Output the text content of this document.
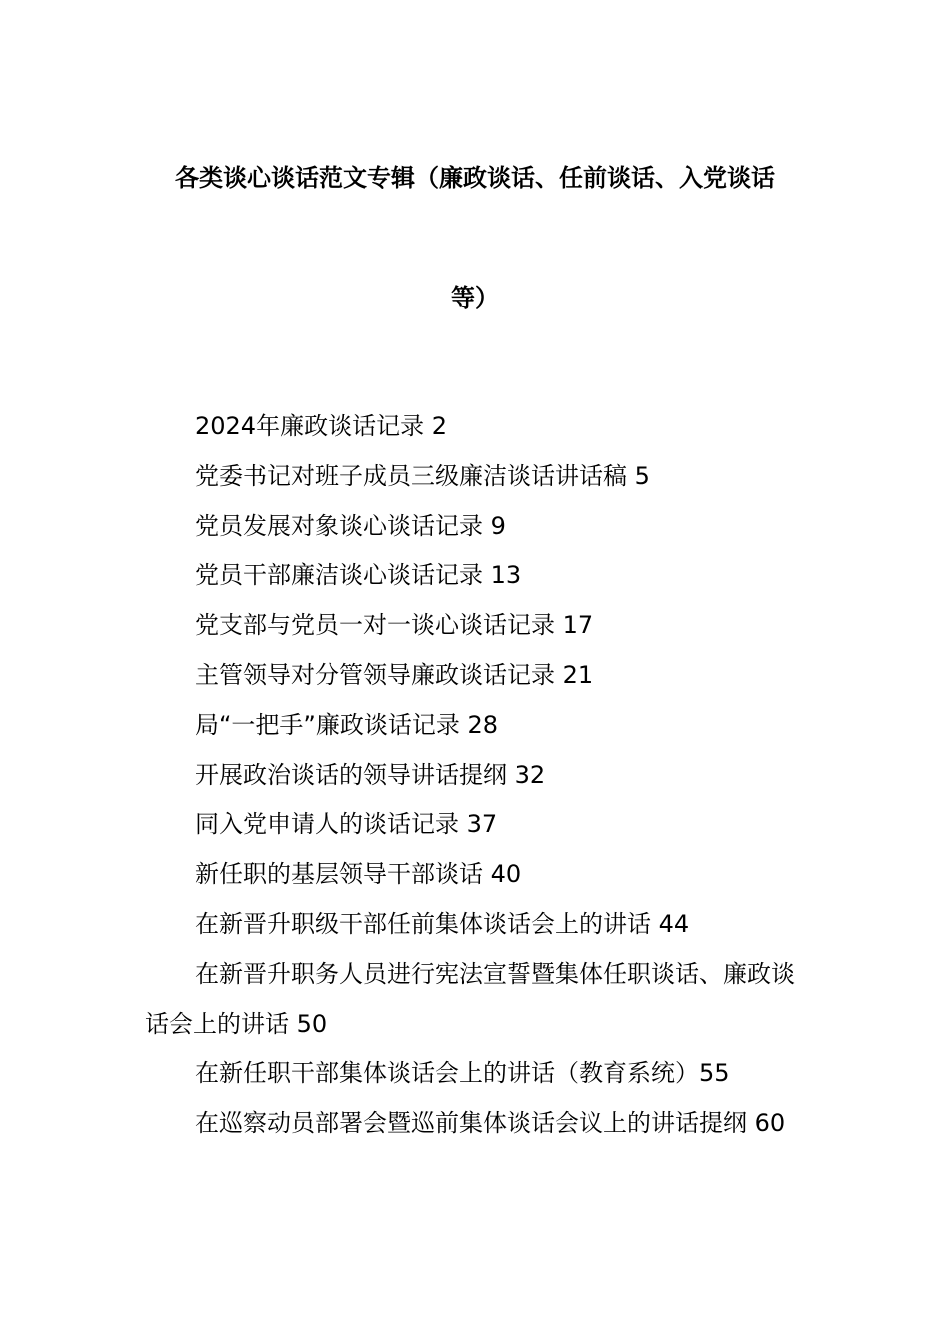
各类谈心谈话范文专辑（廉政谈话、任前谈话、入党谈话
等）
2024年廉政谈话记录 2
党委书记对班子成员三级廉洁谈话讲话稿 5
党员发展对象谈心谈话记录 9
党员干部廉洁谈心谈话记录 13
党支部与党员一对一谈心谈话记录 17
主管领导对分管领导廉政谈话记录 21
局“一把手”廉政谈话记录 28
开展政治谈话的领导讲话提纲 32
同入党申请人的谈话记录 37
新任职的基层领导干部谈话 40
在新晋升职级干部任前集体谈话会上的讲话 44
在新晋升职务人员进行宪法宣誓暨集体任职谈话、廉政谈话会上的讲话 50
在新任职干部集体谈话会上的讲话（教育系统）55
在巡察动员部署会暨巡前集体谈话会议上的讲话提纲 60
